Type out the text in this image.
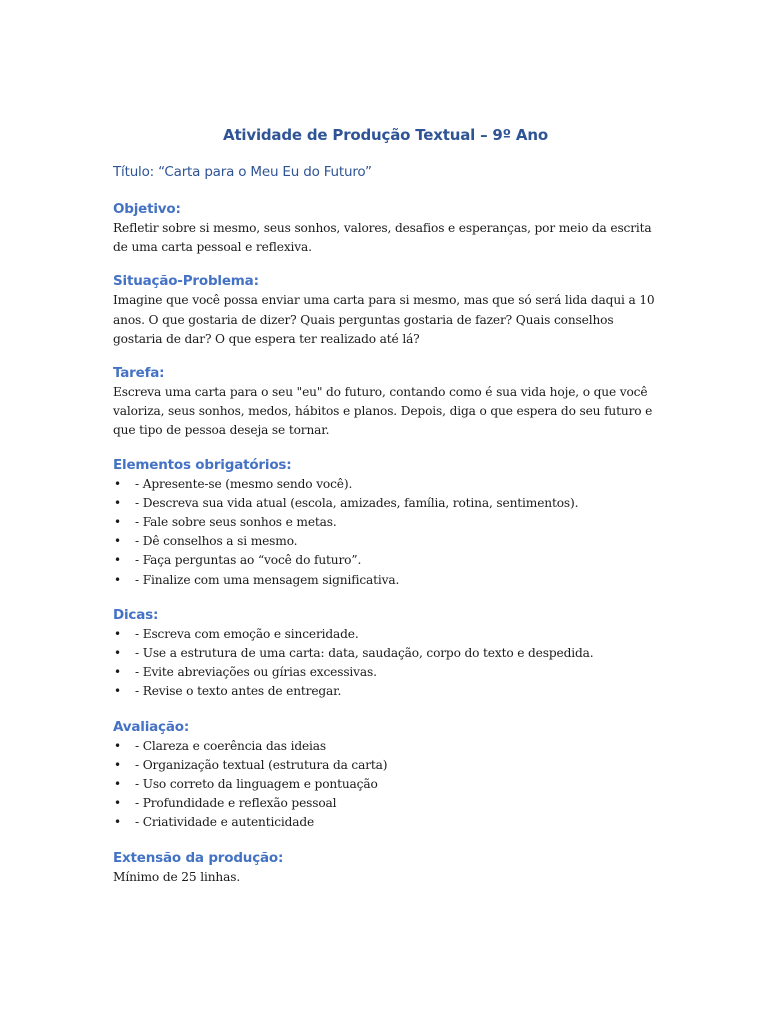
Atividade de Produção Textual – 9º Ano

Título: “Carta para o Meu Eu do Futuro”

Objetivo:

Refletir sobre si mesmo, seus sonhos, valores, desafios e esperanças, por meio da escrita de uma carta pessoal e reflexiva.

Situação-Problema:

Imagine que você possa enviar uma carta para si mesmo, mas que só será lida daqui a 10 anos. O que gostaria de dizer? Quais perguntas gostaria de fazer? Quais conselhos gostaria de dar? O que espera ter realizado até lá?

Tarefa:

Escreva uma carta para o seu "eu" do futuro, contando como é sua vida hoje, o que você valoriza, seus sonhos, medos, hábitos e planos. Depois, diga o que espera do seu futuro e que tipo de pessoa deseja se tornar.

Elementos obrigatórios:
• - Apresente-se (mesmo sendo você).
• - Descreva sua vida atual (escola, amizades, família, rotina, sentimentos).
• - Fale sobre seus sonhos e metas.
• - Dê conselhos a si mesmo.
• - Faça perguntas ao “você do futuro”.
• - Finalize com uma mensagem significativa.
Dicas:
• - Escreva com emoção e sinceridade.
• - Use a estrutura de uma carta: data, saudação, corpo do texto e despedida.
• - Evite abreviações ou gírias excessivas.
• - Revise o texto antes de entregar.
Avaliação:
• - Clareza e coerência das ideias
• - Organização textual (estrutura da carta)
• - Uso correto da linguagem e pontuação
• - Profundidade e reflexão pessoal
• - Criatividade e autenticidade
Extensão da produção:

Mínimo de 25 linhas.
